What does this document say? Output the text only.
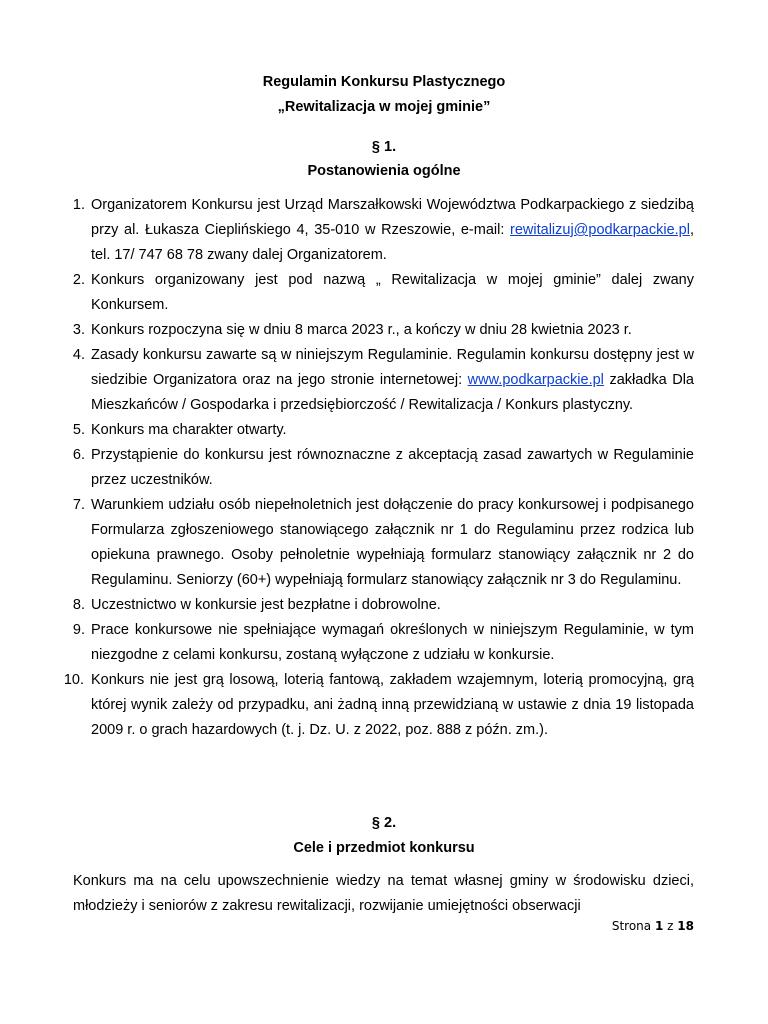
Regulamin Konkursu Plastycznego
„Rewitalizacja w mojej gminie”
§ 1.
Postanowienia ogólne
1. Organizatorem Konkursu jest Urząd Marszałkowski Województwa Podkarpackiego z siedzibą przy al. Łukasza Cieplińskiego 4, 35-010 w Rzeszowie, e-mail: rewitalizuj@podkarpackie.pl, tel. 17/ 747 68 78 zwany dalej Organizatorem.
2. Konkurs organizowany jest pod nazwą „ Rewitalizacja w mojej gminie” dalej zwany Konkursem.
3. Konkurs rozpoczyna się w dniu 8 marca 2023 r., a kończy w dniu 28 kwietnia 2023 r.
4. Zasady konkursu zawarte są w niniejszym Regulaminie. Regulamin konkursu dostępny jest w siedzibie Organizatora oraz na jego stronie internetowej: www.podkarpackie.pl zakładka Dla Mieszkańców / Gospodarka i przedsiębiorczość / Rewitalizacja / Konkurs plastyczny.
5. Konkurs ma charakter otwarty.
6. Przystąpienie do konkursu jest równoznaczne z akceptacją zasad zawartych w Regulaminie przez uczestników.
7. Warunkiem udziału osób niepełnoletnich jest dołączenie do pracy konkursowej i podpisanego Formularza zgłoszeniowego stanowiącego załącznik nr 1 do Regulaminu przez rodzica lub opiekuna prawnego. Osoby pełnoletnie wypełniają formularz stanowiący załącznik nr 2 do Regulaminu. Seniorzy (60+) wypełniają formularz stanowiący załącznik nr 3 do Regulaminu.
8. Uczestnictwo w konkursie jest bezpłatne i dobrowolne.
9. Prace konkursowe nie spełniające wymagań określonych w niniejszym Regulaminie, w tym niezgodne z celami konkursu, zostaną wyłączone z udziału w konkursie.
10. Konkurs nie jest grą losową, loterią fantową, zakładem wzajemnym, loterią promocyjną, grą której wynik zależy od przypadku, ani żadną inną przewidzianą w ustawie z dnia 19 listopada 2009 r. o grach hazardowych (t. j. Dz. U. z 2022, poz. 888 z późn. zm.).
§ 2.
Cele i przedmiot konkursu
Konkurs ma na celu upowszechnienie wiedzy na temat własnej gminy w środowisku dzieci, młodzieży i seniorów z zakresu rewitalizacji, rozwijanie umiejętności obserwacji
Strona 1 z 18
